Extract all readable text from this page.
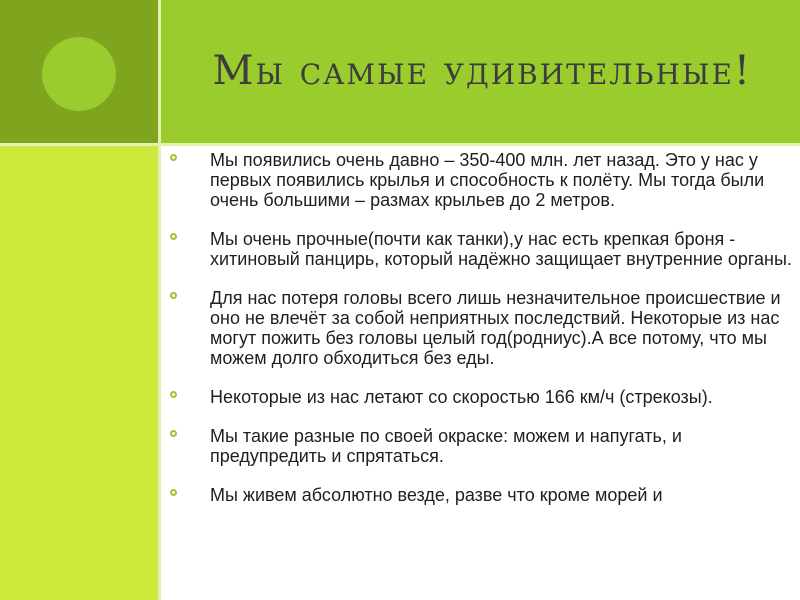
Мы самые удивительные!
Мы появились очень давно – 350-400 млн. лет назад. Это у нас у первых появились крылья и способность к полёту. Мы тогда были очень большими – размах крыльев до 2 метров.
Мы очень прочные(почти как танки),у нас есть крепкая броня - хитиновый панцирь, который надёжно защищает внутренние органы.
Для нас потеря головы всего лишь незначительное происшествие и оно не влечёт за собой неприятных последствий. Некоторые из нас могут пожить без головы целый год(родниус).А все потому, что мы можем долго обходиться без еды.
Некоторые из нас летают со скоростью 166 км/ч (стрекозы).
Мы такие разные по своей окраске: можем и напугать, и предупредить и спрятаться.
Мы живем абсолютно везде, разве что кроме морей и
